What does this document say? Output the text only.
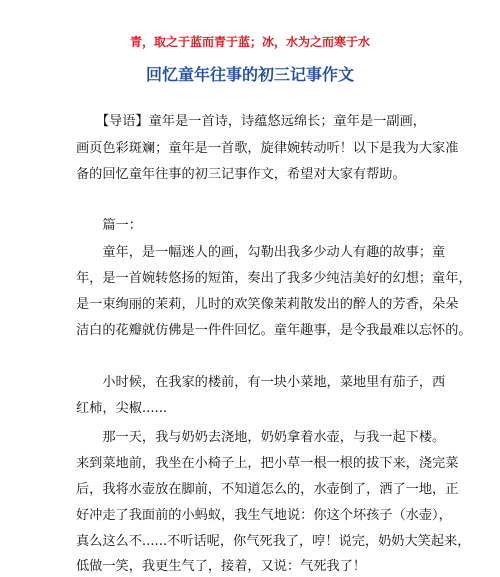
青，取之于蓝而青于蓝；冰，水为之而寒于水
回忆童年往事的初三记事作文
　　【导语】童年是一首诗，诗蕴悠远绵长；童年是一副画，
画页色彩斑斓；童年是一首歌，旋律婉转动听！以下是我为大家准
备的回忆童年往事的初三记事作文，希望对大家有帮助。
　　篇一：
　　童年，是一幅迷人的画，勾勒出我多少动人有趣的故事；童
年，是一首婉转悠扬的短笛，奏出了我多少纯洁美好的幻想；童年，
是一束绚丽的茉莉，儿时的欢笑像茉莉散发出的醉人的芳香，朵朵
洁白的花瓣就仿佛是一件件回忆。童年趣事，是令我最难以忘怀的。
　　小时候，在我家的楼前，有一块小菜地，菜地里有茄子，西
红柿，尖椒......
　　那一天，我与奶奶去浇地，奶奶拿着水壶，与我一起下楼。
来到菜地前，我坐在小椅子上，把小草一根一根的拔下来，浇完菜
后，我将水壶放在脚前，不知道怎么的，水壶倒了，洒了一地，正
好冲走了我面前的小蚂蚁，我生气地说：你这个坏孩子（水壶），
真么这么不......不听话呢，你气死我了，哼！说完，奶奶大笑起来，
低做一笑，我更生气了，接着，又说：气死我了！
